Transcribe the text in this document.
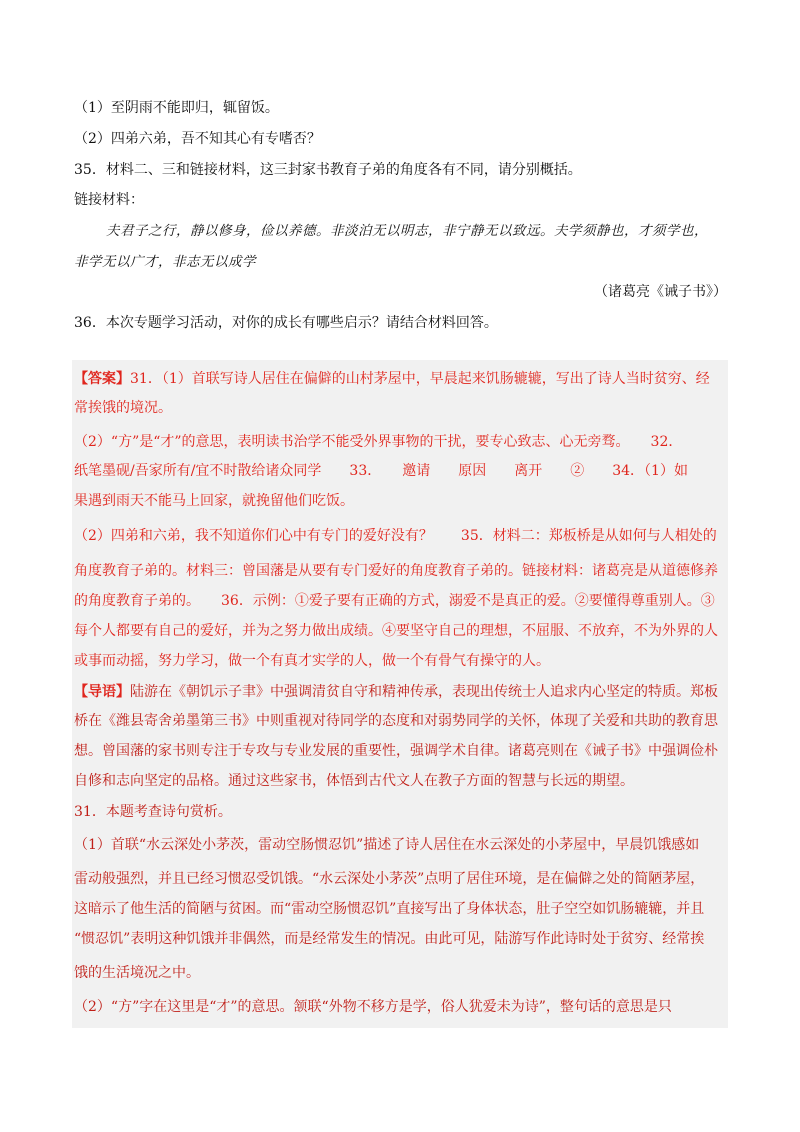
（1）至阴雨不能即归，辄留饭。
（2）四弟六弟，吾不知其心有专嗜否？
35．材料二、三和链接材料，这三封家书教育子弟的角度各有不同，请分别概括。
链接材料：
夫君子之行，静以修身，俭以养德。非淡泊无以明志，非宁静无以致远。夫学须静也，才须学也，
非学无以广才，非志无以成学
（诸葛亮《诫子书》）
36．本次专题学习活动，对你的成长有哪些启示？请结合材料回答。
【答案】31．（1）首联写诗人居住在偏僻的山村茅屋中，早晨起来饥肠辘辘，写出了诗人当时贫穷、经
常挨饿的境况。
（2）“方”是“才”的意思，表明读书治学不能受外界事物的干扰，要专心致志、心无旁骛。　　32．
纸笔墨砚/吾家所有/宜不时散给诸众同学　　33．　　邀请　　原因　　离开　　②　　34．（1）如
果遇到雨天不能马上回家，就挽留他们吃饭。
（2）四弟和六弟，我不知道你们心中有专门的爱好没有？　　35．材料二：郑板桥是从如何与人相处的
角度教育子弟的。材料三：曾国藩是从要有专门爱好的角度教育子弟的。链接材料：诸葛亮是从道德修养
的角度教育子弟的。　　36．示例：①爱子要有正确的方式，溺爱不是真正的爱。②要懂得尊重别人。③
每个人都要有自己的爱好，并为之努力做出成绩。④要坚守自己的理想，不屈服、不放弃，不为外界的人
或事而动摇，努力学习，做一个有真才实学的人，做一个有骨气有操守的人。
【导语】陆游在《朝饥示子聿》中强调清贫自守和精神传承，表现出传统士人追求内心坚定的特质。郑板
桥在《潍县寄舍弟墨第三书》中则重视对待同学的态度和对弱势同学的关怀，体现了关爱和共助的教育思
想。曾国藩的家书则专注于专攻与专业发展的重要性，强调学术自律。诸葛亮则在《诫子书》中强调俭朴
自修和志向坚定的品格。通过这些家书，体悟到古代文人在教子方面的智慧与长远的期望。
31．本题考查诗句赏析。
（1）首联“水云深处小茅茨，雷动空肠惯忍饥”描述了诗人居住在水云深处的小茅屋中，早晨饥饿感如
雷动般强烈，并且已经习惯忍受饥饿。“水云深处小茅茨”点明了居住环境，是在偏僻之处的简陋茅屋，
这暗示了他生活的简陋与贫困。而“雷动空肠惯忍饥”直接写出了身体状态，肚子空空如饥肠辘辘，并且
“惯忍饥”表明这种饥饿并非偶然，而是经常发生的情况。由此可见，陆游写作此诗时处于贫穷、经常挨
饿的生活境况之中。
（2）“方”字在这里是“才”的意思。颔联“外物不移方是学，俗人犹爱未为诗”，整句话的意思是只
